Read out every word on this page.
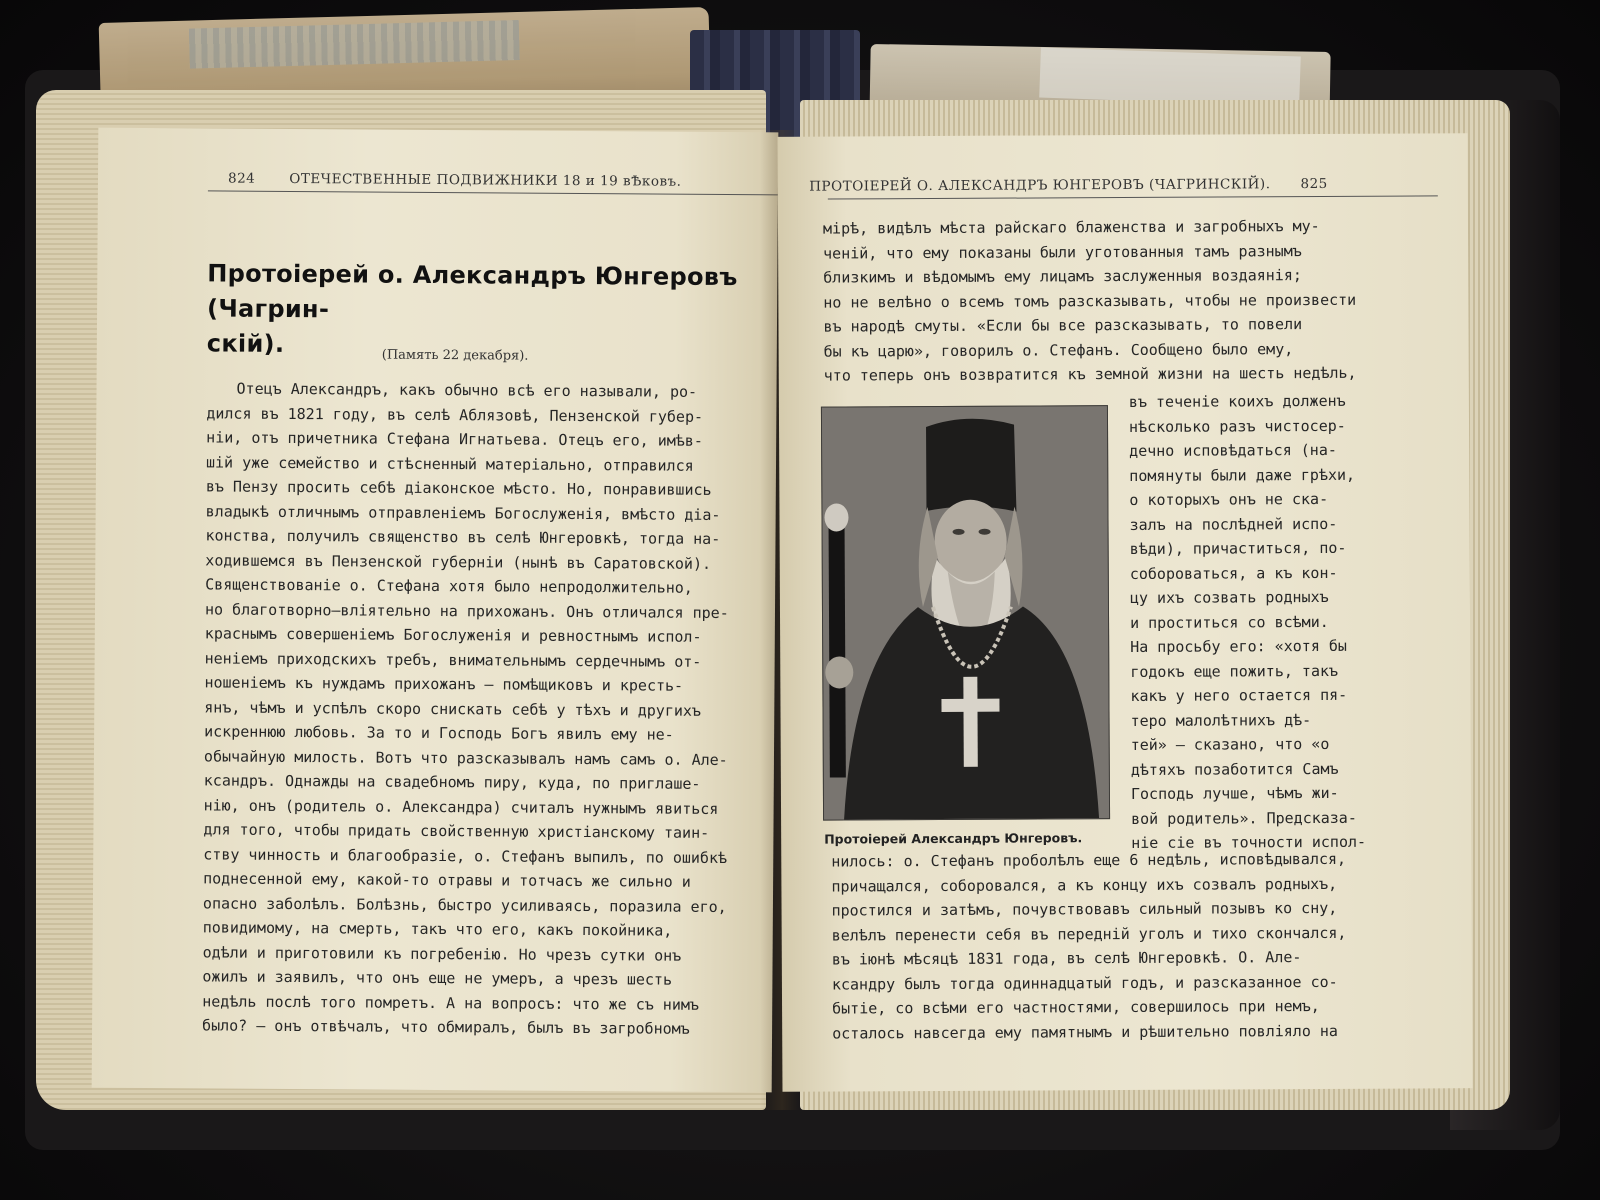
824	ОТЕЧЕСТВЕННЫЕ ПОДВИЖНИКИ 18 и 19 вѢковъ.
Протоіерей о. Александръ Юнгеровъ (Чагрин-
скій).	(Память 22 декабря).
Отецъ Александръ, какъ обычно всѣ его называли, ро-
дился въ 1821 году, въ селѣ Аблязовѣ, Пензенской губер-
ніи, отъ причетника Стефана Игнатьева. Отецъ его, имѣв-
шій уже семейство и стѣсненный матеріально, отправился
въ Пензу просить себѣ діаконское мѣсто. Но, понравившись
владыкѣ отличнымъ отправленіемъ Богослуженія, вмѣсто діа-
конства, получилъ священство въ селѣ Юнгеровкѣ, тогда на-
ходившемся въ Пензенской губерніи (нынѣ въ Саратовской).
Священствованіе о. Стефана хотя было непродолжительно,
но благотворно—вліятельно на прихожанъ. Онъ отличался пре-
краснымъ совершеніемъ Богослуженія и ревностнымъ испол-
неніемъ приходскихъ требъ, внимательнымъ сердечнымъ от-
ношеніемъ къ нуждамъ прихожанъ — помѣщиковъ и кресть-
янъ, чѣмъ и успѣлъ скоро снискать себѣ у тѣхъ и другихъ
искреннюю любовь. За то и Господь Богъ явилъ ему не-
обычайную милость. Вотъ что разсказывалъ намъ самъ о. Але-
ксандръ. Однажды на свадебномъ пиру, куда, по приглаше-
нію, онъ (родитель о. Александра) считалъ нужнымъ явиться
для того, чтобы придать свойственную христіанскому таин-
ству чинность и благообразіе, о. Стефанъ выпилъ, по ошибкѣ
поднесенной ему, какой-то отравы и тотчасъ же сильно и
опасно заболѣлъ. Болѣзнь, быстро усиливаясь, поразила его,
повидимому, на смерть, такъ что его, какъ покойника,
одѣли и приготовили къ погребенію. Но чрезъ сутки онъ
ожилъ и заявилъ, что онъ еще не умеръ, а чрезъ шесть
недѣль послѣ того помретъ. А на вопросъ: что же съ нимъ
было? — онъ отвѣчалъ, что обмиралъ, былъ въ загробномъ
ПРОТОІЕРЕЙ О. АЛЕКСАНДРЪ ЮНГЕРОВЪ (ЧАГРИНСКІЙ). 825
мірѣ, видѣлъ мѣста райскаго блаженства и загробныхъ му-
ченій, что ему показаны были уготованныя тамъ разнымъ
близкимъ и вѣдомымъ ему лицамъ заслуженныя воздаянія;
но не велѣно о всемъ томъ разсказывать, чтобы не произвести
въ народѣ смуты. «Если бы все разсказывать, то повели
бы къ царю», говорилъ о. Стефанъ. Сообщено было ему,
что теперь онъ возвратится къ земной жизни на шесть недѣль,
Протоіерей Александръ Юнгеровъ.
въ теченіе коихъ долженъ
нѣсколько разъ чистосер-
дечно исповѣдаться (на-
помянуты были даже грѣхи,
о которыхъ онъ не ска-
залъ на послѣдней испо-
вѣди), причаститься, по-
собороваться, а къ кон-
цу ихъ созвать родныхъ
и проститься со всѣми.
На просьбу его: «хотя бы
годокъ еще пожить, такъ
какъ у него остается пя-
теро малолѣтнихъ дѣ-
тей» — сказано, что «о
дѣтяхъ позаботится Самъ
Господь лучше, чѣмъ жи-
вой родитель». Предсказа-
ніе сіе въ точности испол-
нилось: о. Стефанъ проболѣлъ еще 6 недѣль, исповѣдывался,
причащался, соборовался, а къ концу ихъ созвалъ родныхъ,
простился и затѣмъ, почувствовавъ сильный позывъ ко сну,
велѣлъ перенести себя въ передній уголъ и тихо скончался,
въ іюнѣ мѣсяцѣ 1831 года, въ селѣ Юнгеровкѣ. О. Але-
ксандру былъ тогда одиннадцатый годъ, и разсказанное со-
бытіе, со всѣми его частностями, совершилось при немъ,
осталось навсегда ему памятнымъ и рѣшительно повліяло на
